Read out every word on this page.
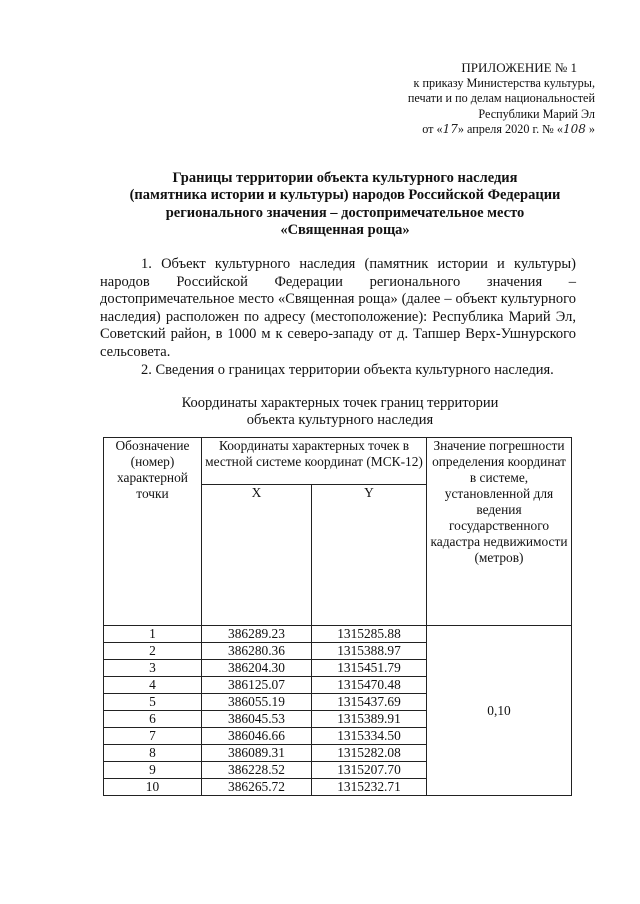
ПРИЛОЖЕНИЕ № 1
к приказу Министерства культуры,
печати и по делам национальностей
Республики Марий Эл
от «17» апреля 2020 г. № «108 »
Границы территории объекта культурного наследия
(памятника истории и культуры) народов Российской Федерации
регионального значения – достопримечательное место
«Священная роща»

1. Объект культурного наследия (памятник истории и культуры) народов Российской Федерации регионального значения – достопримечательное место «Священная роща» (далее – объект культурного наследия) расположен по адресу (местоположение): Республика Марий Эл, Советский район, в 1000 м к северо-западу от д. Тапшер Верх-Ушнурского сельсовета.

2. Сведения о границах территории объекта культурного наследия.

Координаты характерных точек границ территории
объекта культурного наследия
Обозначение (номер) характерной точки	Координаты характерных точек в местной системе координат (МСК-12)		Значение погрешности определения координат в системе, установленной для ведения государственного кадастра недвижимости (метров)
	X	Y	
1	386289.23	1315285.88	0,10
2	386280.36	1315388.97	
3	386204.30	1315451.79	
4	386125.07	1315470.48	
5	386055.19	1315437.69	
6	386045.53	1315389.91	
7	386046.66	1315334.50	
8	386089.31	1315282.08	
9	386228.52	1315207.70	
10	386265.72	1315232.71	
